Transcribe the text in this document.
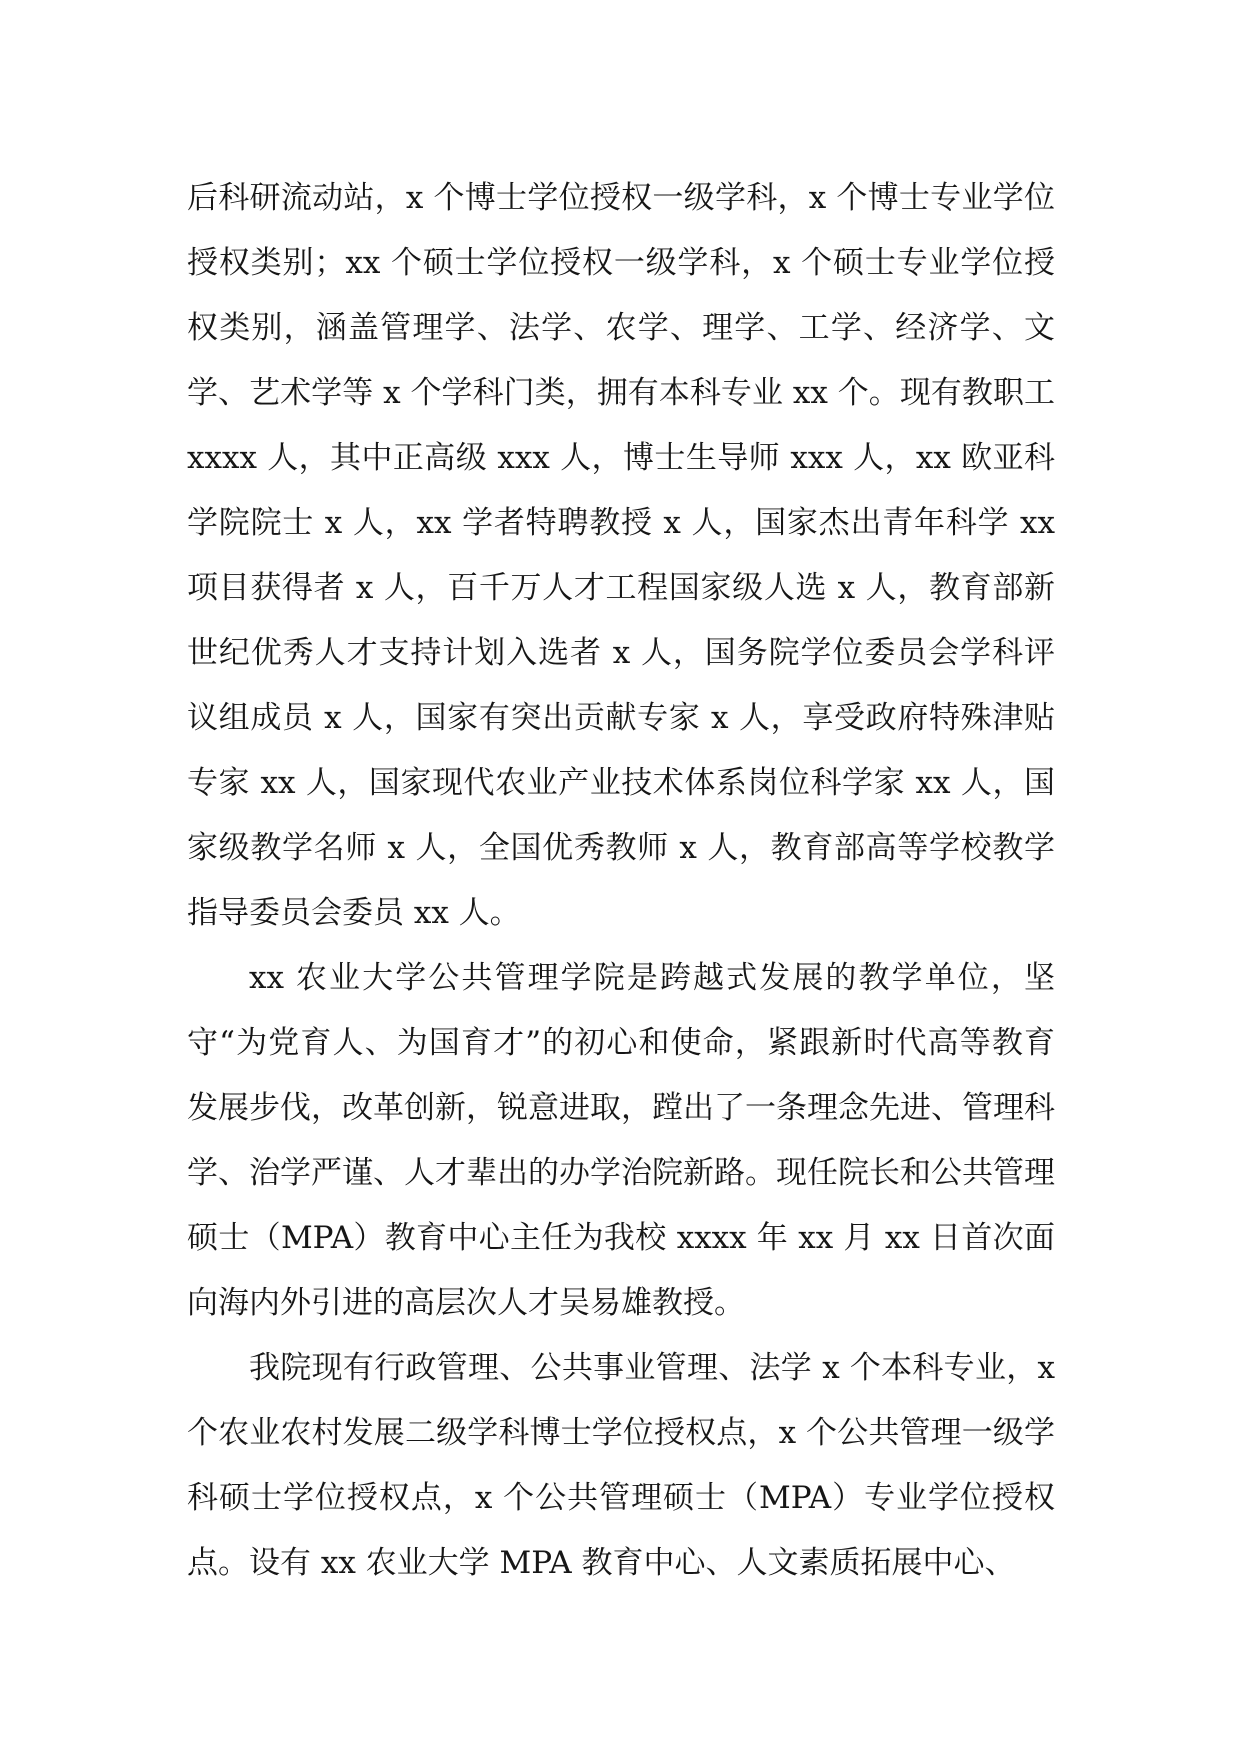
后科研流动站，x 个博士学位授权一级学科，x 个博士专业学位授权类别；xx 个硕士学位授权一级学科，x 个硕士专业学位授权类别，涵盖管理学、法学、农学、理学、工学、经济学、文学、艺术学等 x 个学科门类，拥有本科专业 xx 个。现有教职工 xxxx 人，其中正高级 xxx 人，博士生导师 xxx 人，xx 欧亚科学院院士 x 人，xx 学者特聘教授 x 人，国家杰出青年科学 xx 项目获得者 x 人，百千万人才工程国家级人选 x 人，教育部新世纪优秀人才支持计划入选者 x 人，国务院学位委员会学科评议组成员 x 人，国家有突出贡献专家 x 人，享受政府特殊津贴专家 xx 人，国家现代农业产业技术体系岗位科学家 xx 人，国家级教学名师 x 人，全国优秀教师 x 人，教育部高等学校教学指导委员会委员 xx 人。

xx 农业大学公共管理学院是跨越式发展的教学单位，坚守“为党育人、为国育才”的初心和使命，紧跟新时代高等教育发展步伐，改革创新，锐意进取，蹚出了一条理念先进、管理科学、治学严谨、人才辈出的办学治院新路。现任院长和公共管理硕士（MPA）教育中心主任为我校 xxxx 年 xx 月 xx 日首次面向海内外引进的高层次人才吴易雄教授。

我院现有行政管理、公共事业管理、法学 x 个本科专业，x 个农业农村发展二级学科博士学位授权点，x 个公共管理一级学科硕士学位授权点，x 个公共管理硕士（MPA）专业学位授权点。设有 xx 农业大学 MPA 教育中心、人文素质拓展中心、
